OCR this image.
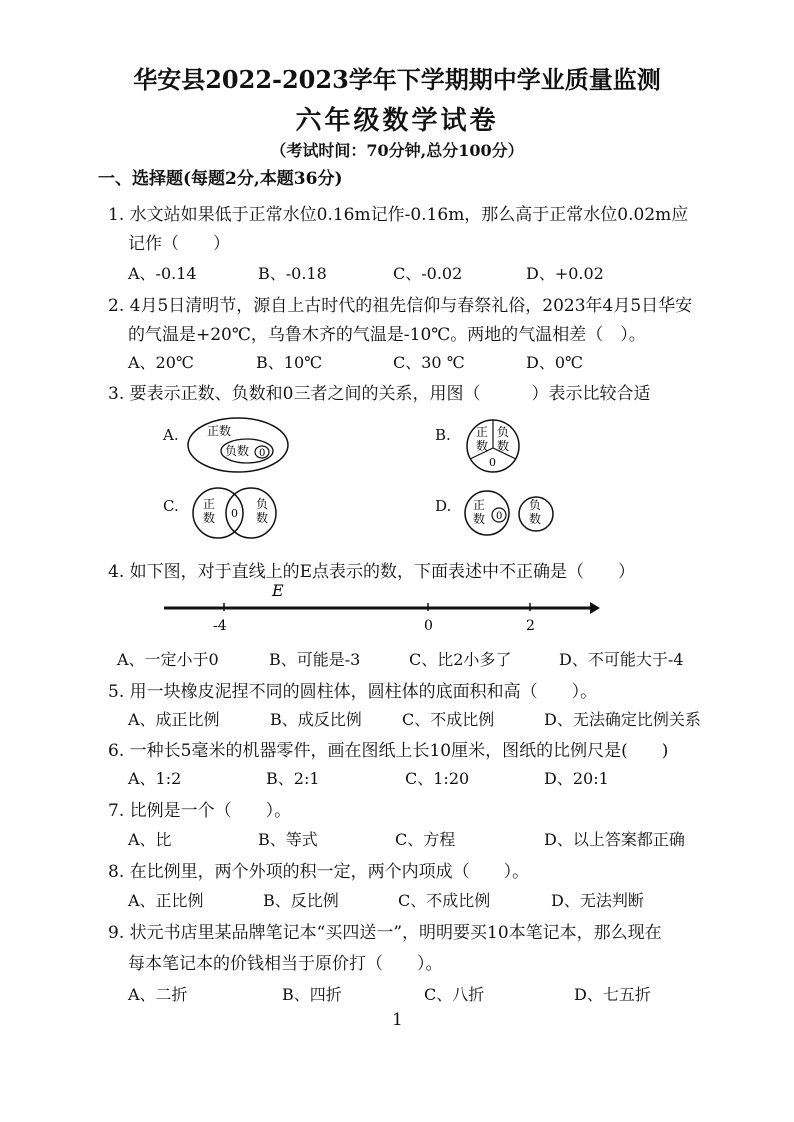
华安县2022-2023学年下学期期中学业质量监测
六年级数学试卷
（考试时间：70分钟,总分100分）
一、选择题(每题2分,本题36分)
1. 水文站如果低于正常水位0.16m记作-0.16m，那么高于正常水位0.02m应
记作（　　）
A、-0.14	B、-0.18	C、-0.02	D、+0.02
2. 4月5日清明节，源自上古时代的祖先信仰与春祭礼俗，2023年4月5日华安
的气温是+20℃，乌鲁木齐的气温是-10℃。两地的气温相差（　）。
A、20℃	B、10℃	C、30 ℃	D、0℃
3. 要表示正数、负数和0三者之间的关系，用图（　　　）表示比较合适
A.	B.
C.	D.
正数
负数 0
正
数
负
数
0
正
数 0
负
数
正
数 0
负
数
4. 如下图，对于直线上的E点表示的数，下面表述中不正确是（　　）
E
-4	0	2
A、一定小于0	B、可能是-3	C、比2小多了	D、不可能大于-4
5. 用一块橡皮泥捏不同的圆柱体，圆柱体的底面积和高（　　）。
A、成正比例	B、成反比例	C、不成比例	D、无法确定比例关系
6. 一种长5毫米的机器零件，画在图纸上长10厘米，图纸的比例尺是(　　)
A、1:2	B、2:1	C、1:20	D、20:1
7. 比例是一个（　　）。
A、比	B、等式	C、方程	D、以上答案都正确
8. 在比例里，两个外项的积一定，两个内项成（　　）。
A、正比例	B、反比例	C、不成比例	D、无法判断
9. 状元书店里某品牌笔记本“买四送一”，明明要买10本笔记本，那么现在
每本笔记本的价钱相当于原价打（　　）。
A、二折	B、四折	C、八折	D、七五折
1
